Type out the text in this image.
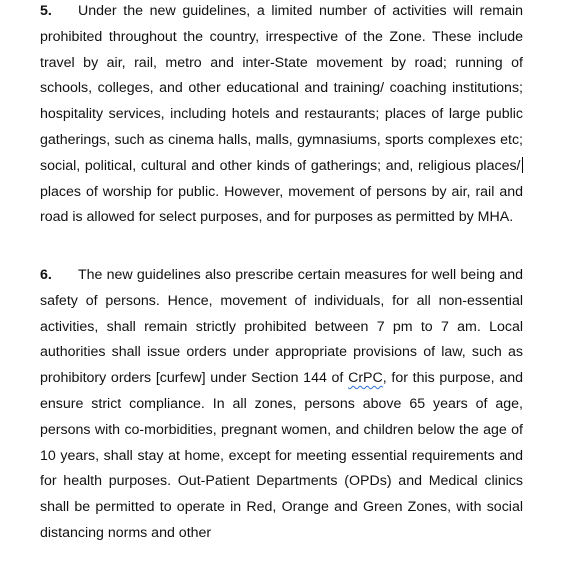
5. Under the new guidelines, a limited number of activities will remain prohibited throughout the country, irrespective of the Zone. These include travel by air, rail, metro and inter-State movement by road; running of schools, colleges, and other educational and training/ coaching institutions; hospitality services, including hotels and restaurants; places of large public gatherings, such as cinema halls, malls, gymnasiums, sports complexes etc; social, political, cultural and other kinds of gatherings; and, religious places/ places of worship for public. However, movement of persons by air, rail and road is allowed for select purposes, and for purposes as permitted by MHA.

6. The new guidelines also prescribe certain measures for well being and safety of persons. Hence, movement of individuals, for all non-essential activities, shall remain strictly prohibited between 7 pm to 7 am. Local authorities shall issue orders under appropriate provisions of law, such as prohibitory orders [curfew] under Section 144 of CrPC, for this purpose, and ensure strict compliance. In all zones, persons above 65 years of age, persons with co-morbidities, pregnant women, and children below the age of 10 years, shall stay at home, except for meeting essential requirements and for health purposes. Out-Patient Departments (OPDs) and Medical clinics shall be permitted to operate in Red, Orange and Green Zones, with social distancing norms and other
